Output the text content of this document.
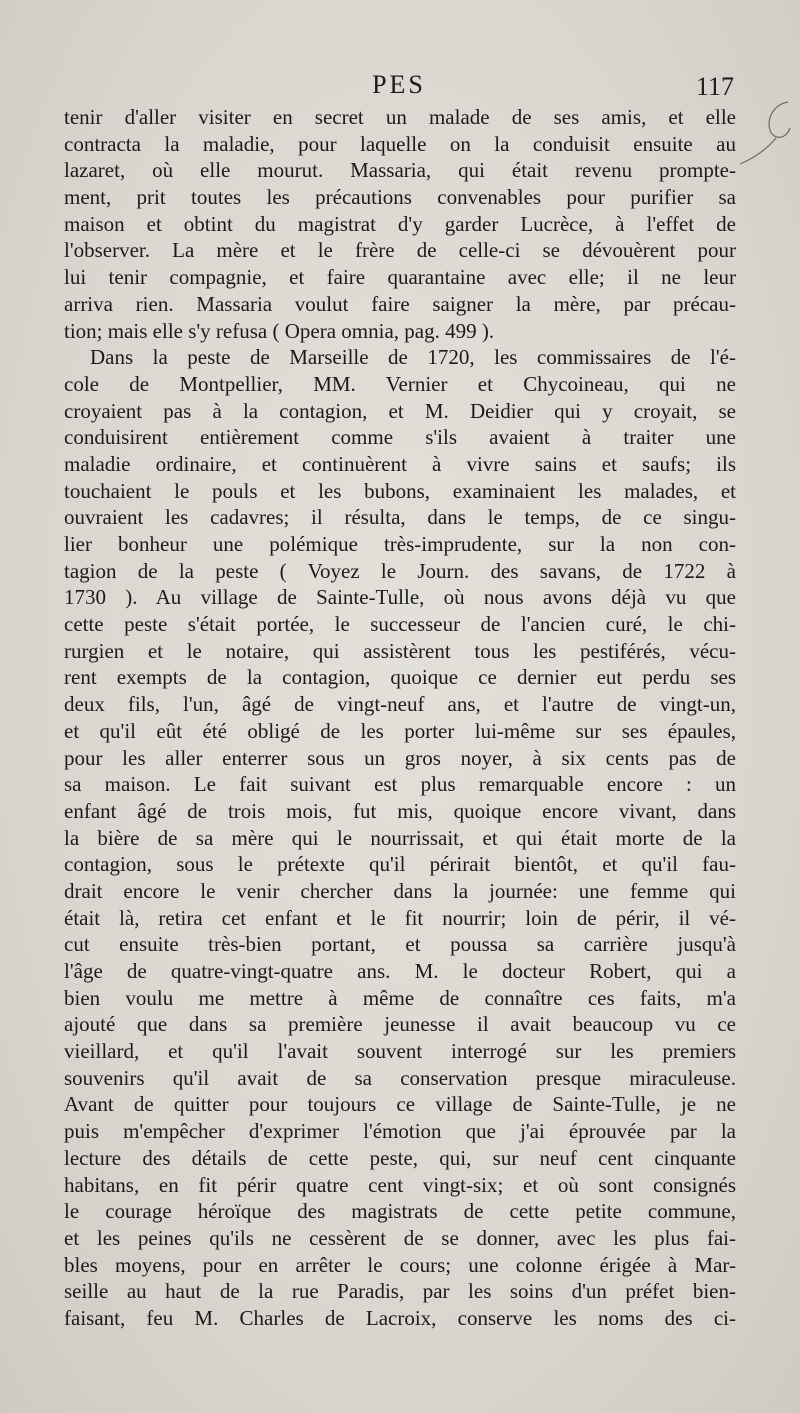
PES	117
tenir d'aller visiter en secret un malade de ses amis, et elle
contracta la maladie, pour laquelle on la conduisit ensuite au
lazaret, où elle mourut. Massaria, qui était revenu prompte-
ment, prit toutes les précautions convenables pour purifier sa
maison et obtint du magistrat d'y garder Lucrèce, à l'effet de
l'observer. La mère et le frère de celle-ci se dévouèrent pour
lui tenir compagnie, et faire quarantaine avec elle; il ne leur
arriva rien. Massaria voulut faire saigner la mère, par précau-
tion; mais elle s'y refusa ( Opera omnia, pag. 499 ).
Dans la peste de Marseille de 1720, les commissaires de l'é-
cole de Montpellier, MM. Vernier et Chycoineau, qui ne
croyaient pas à la contagion, et M. Deidier qui y croyait, se
conduisirent entièrement comme s'ils avaient à traiter une
maladie ordinaire, et continuèrent à vivre sains et saufs; ils
touchaient le pouls et les bubons, examinaient les malades, et
ouvraient les cadavres; il résulta, dans le temps, de ce singu-
lier bonheur une polémique très-imprudente, sur la non con-
tagion de la peste ( Voyez le Journ. des savans, de 1722 à
1730 ). Au village de Sainte-Tulle, où nous avons déjà vu que
cette peste s'était portée, le successeur de l'ancien curé, le chi-
rurgien et le notaire, qui assistèrent tous les pestiférés, vécu-
rent exempts de la contagion, quoique ce dernier eut perdu ses
deux fils, l'un, âgé de vingt-neuf ans, et l'autre de vingt-un,
et qu'il eût été obligé de les porter lui-même sur ses épaules,
pour les aller enterrer sous un gros noyer, à six cents pas de
sa maison. Le fait suivant est plus remarquable encore : un
enfant âgé de trois mois, fut mis, quoique encore vivant, dans
la bière de sa mère qui le nourrissait, et qui était morte de la
contagion, sous le prétexte qu'il périrait bientôt, et qu'il fau-
drait encore le venir chercher dans la journée: une femme qui
était là, retira cet enfant et le fit nourrir; loin de périr, il vé-
cut ensuite très-bien portant, et poussa sa carrière jusqu'à
l'âge de quatre-vingt-quatre ans. M. le docteur Robert, qui a
bien voulu me mettre à même de connaître ces faits, m'a
ajouté que dans sa première jeunesse il avait beaucoup vu ce
vieillard, et qu'il l'avait souvent interrogé sur les premiers
souvenirs qu'il avait de sa conservation presque miraculeuse.
Avant de quitter pour toujours ce village de Sainte-Tulle, je ne
puis m'empêcher d'exprimer l'émotion que j'ai éprouvée par la
lecture des détails de cette peste, qui, sur neuf cent cinquante
habitans, en fit périr quatre cent vingt-six; et où sont consignés
le courage héroïque des magistrats de cette petite commune,
et les peines qu'ils ne cessèrent de se donner, avec les plus fai-
bles moyens, pour en arrêter le cours; une colonne érigée à Mar-
seille au haut de la rue Paradis, par les soins d'un préfet bien-
faisant, feu M. Charles de Lacroix, conserve les noms des ci-
